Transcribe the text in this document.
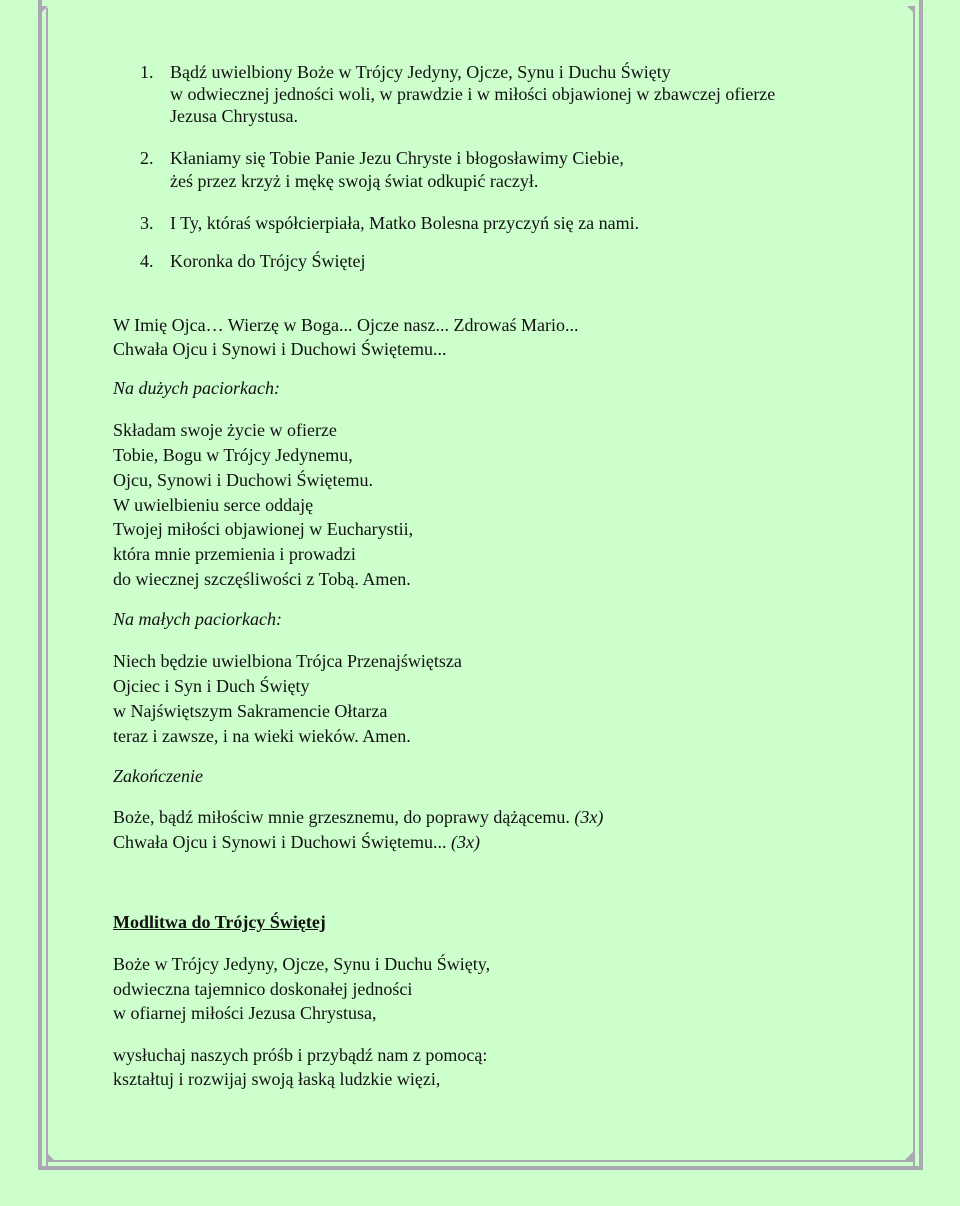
1. Bądź uwielbiony Boże w Trójcy Jedyny, Ojcze, Synu i Duchu Święty

w odwiecznej jedności woli, w prawdzie i w miłości objawionej w zbawczej ofierze

Jezusa Chrystusa.

2. Kłaniamy się Tobie Panie Jezu Chryste i błogosławimy Ciebie,

żeś przez krzyż i mękę swoją świat odkupić raczył.

3. I Ty, któraś współcierpiała, Matko Bolesna przyczyń się za nami.

4. Koronka do Trójcy Świętej

W Imię Ojca… Wierzę w Boga... Ojcze nasz... Zdrowaś Mario...

Chwała Ojcu i Synowi i Duchowi Świętemu...

Na dużych paciorkach:

Składam swoje życie w ofierze

Tobie, Bogu w Trójcy Jedynemu,

Ojcu, Synowi i Duchowi Świętemu.

W uwielbieniu serce oddaję

Twojej miłości objawionej w Eucharystii,

która mnie przemienia i prowadzi

do wiecznej szczęśliwości z Tobą. Amen.

Na małych paciorkach:

Niech będzie uwielbiona Trójca Przenajświętsza

Ojciec i Syn i Duch Święty

w Najświętszym Sakramencie Ołtarza

teraz i zawsze, i na wieki wieków. Amen.

Zakończenie

Boże, bądź miłościw mnie grzesznemu, do poprawy dążącemu. (3x)

Chwała Ojcu i Synowi i Duchowi Świętemu... (3x)

Modlitwa do Trójcy Świętej

Boże w Trójcy Jedyny, Ojcze, Synu i Duchu Święty,

odwieczna tajemnico doskonałej jedności

w ofiarnej miłości Jezusa Chrystusa,

wysłuchaj naszych próśb i przybądź nam z pomocą:

kształtuj i rozwijaj swoją łaską ludzkie więzi,
